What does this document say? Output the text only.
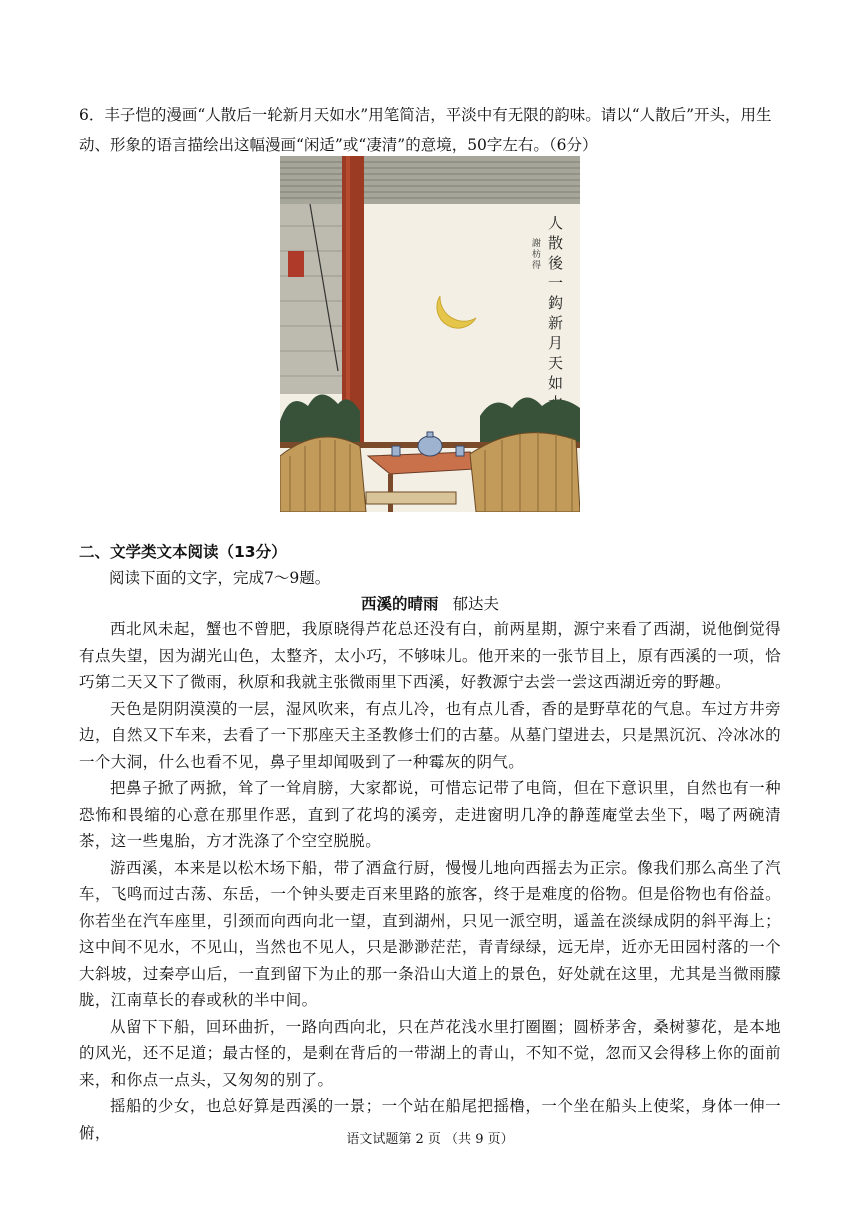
6．丰子恺的漫画“人散后一轮新月天如水”用笔简洁，平淡中有无限的韵味。请以“人散后”开头，用生动、形象的语言描绘出这幅漫画“闲适”或“凄清”的意境，50字左右。（6分）
人
散
後
一
鈎
新
月
天
如
謝
枋
得
二、文学类文本阅读（13分）
阅读下面的文字，完成7～9题。
西溪的晴雨 郁达夫

西北风未起，蟹也不曾肥，我原晓得芦花总还没有白，前两星期，源宁来看了西湖，说他倒觉得有点失望，因为湖光山色，太整齐，太小巧，不够味儿。他开来的一张节目上，原有西溪的一项，恰巧第二天又下了微雨，秋原和我就主张微雨里下西溪，好教源宁去尝一尝这西湖近旁的野趣。

天色是阴阴漠漠的一层，湿风吹来，有点儿冷，也有点儿香，香的是野草花的气息。车过方井旁边，自然又下车来，去看了一下那座天主圣教修士们的古墓。从墓门望进去，只是黑沉沉、冷冰冰的一个大洞，什么也看不见，鼻子里却闻吸到了一种霉灰的阴气。

把鼻子掀了两掀，耸了一耸肩膀，大家都说，可惜忘记带了电筒，但在下意识里，自然也有一种恐怖和畏缩的心意在那里作恶，直到了花坞的溪旁，走进窗明几净的静莲庵堂去坐下，喝了两碗清茶，这一些鬼胎，方才洗涤了个空空脱脱。

游西溪，本来是以松木场下船，带了酒盒行厨，慢慢儿地向西摇去为正宗。像我们那么高坐了汽车，飞鸣而过古荡、东岳，一个钟头要走百来里路的旅客，终于是难度的俗物。但是俗物也有俗益。你若坐在汽车座里，引颈而向西向北一望，直到湖州，只见一派空明，遥盖在淡绿成阴的斜平海上；这中间不见水，不见山，当然也不见人，只是渺渺茫茫，青青绿绿，远无岸，近亦无田园村落的一个大斜坡，过秦亭山后，一直到留下为止的那一条沿山大道上的景色，好处就在这里，尤其是当微雨朦胧，江南草长的春或秋的半中间。

从留下下船，回环曲折，一路向西向北，只在芦花浅水里打圈圈；圆桥茅舍，桑树蓼花，是本地的风光，还不足道；最古怪的，是剩在背后的一带湖上的青山，不知不觉，忽而又会得移上你的面前来，和你点一点头，又匆匆的别了。

摇船的少女，也总好算是西溪的一景；一个站在船尾把摇橹，一个坐在船头上使桨，身体一伸一俯，	语文试题第 2 页 （共 9 页）
